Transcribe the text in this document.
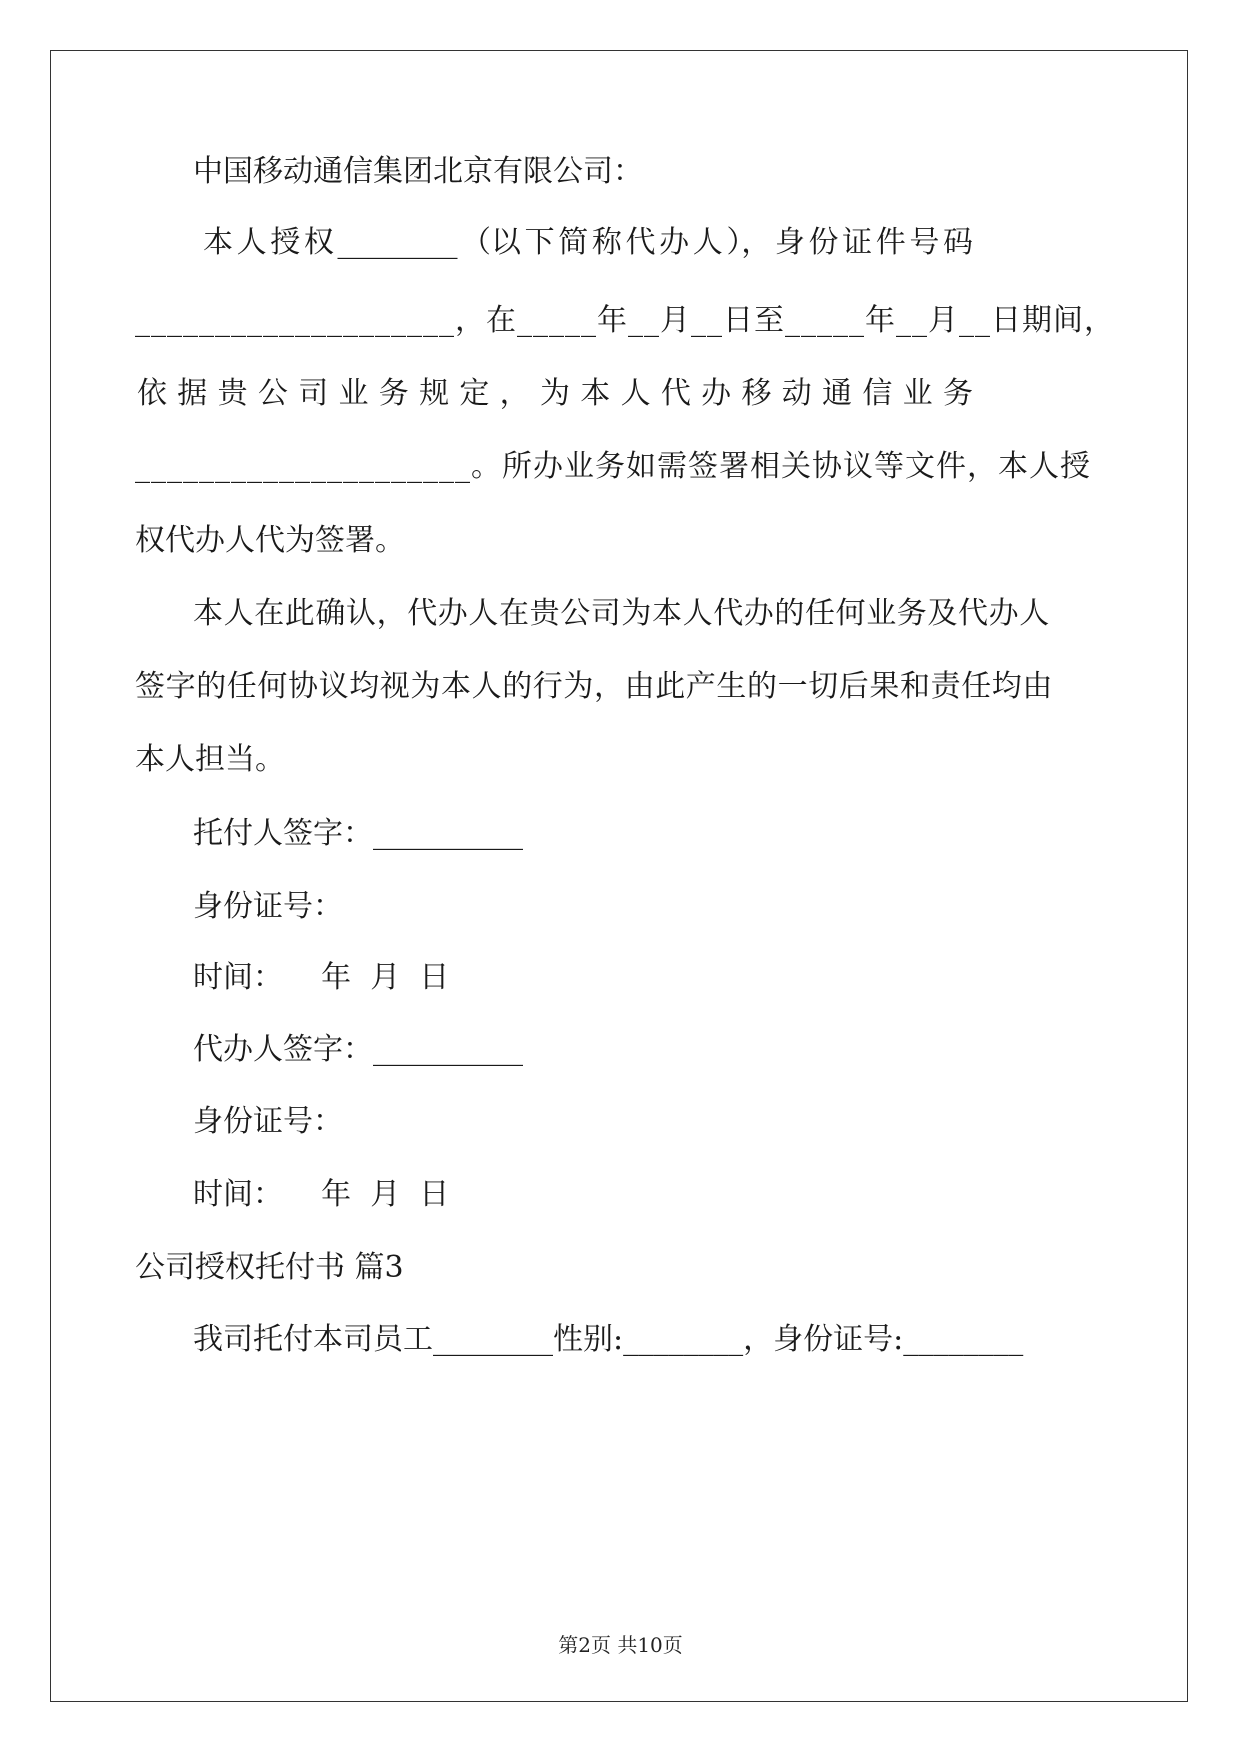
中国移动通信集团北京有限公司：
本 人 授 权 ________ （以 下 简 称 代 办 人 ）， 身 份 证 件 号 码
____________________，在_____年__月__日至_____年__月__日期间，
依 据 贵 公 司 业 务 规 定 ， 为 本 人 代 办 移 动 通 信 业 务
_____________________。所办业务如需签署相关协议等文件，本人授
权代办人代为签署。
本人在此确认，代办人在贵公司为本人代办的任何业务及代办人
签字的任何协议均视为本人的行为，由此产生的一切后果和责任均由
本人担当。
托付人签字：__________
身份证号：
时间：    年  月  日
代办人签字：__________
身份证号：
时间：    年  月  日
公司授权托付书 篇3
我司托付本司员工________性别:________，身份证号:________
第2页 共10页
